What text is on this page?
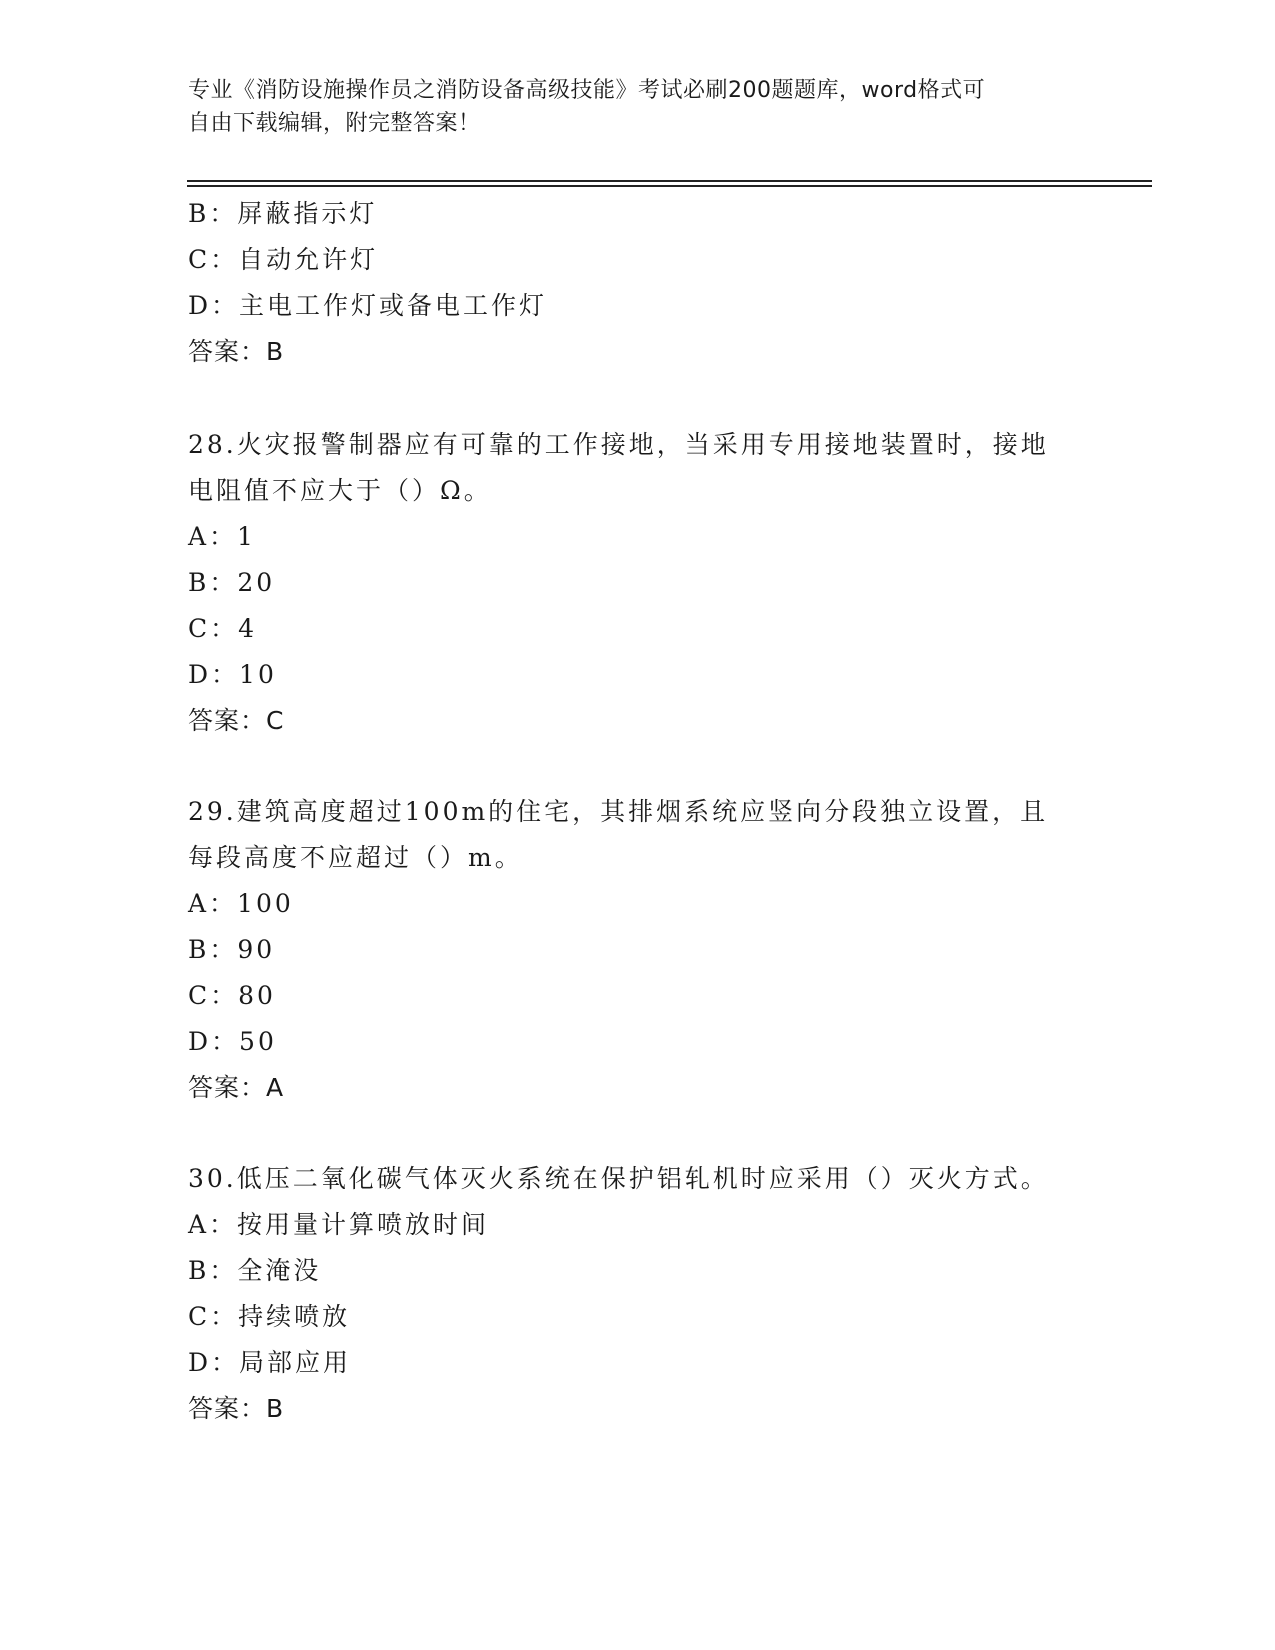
专业《消防设施操作员之消防设备高级技能》考试必刷200题题库，word格式可
自由下载编辑，附完整答案！
B：屏蔽指示灯
C：自动允许灯
D：主电工作灯或备电工作灯
答案：B
28.火灾报警制器应有可靠的工作接地，当采用专用接地装置时，接地
电阻值不应大于（）Ω。
A：1
B：20
C：4
D：10
答案：C
29.建筑高度超过100m的住宅，其排烟系统应竖向分段独立设置，且
每段高度不应超过（）m。
A：100
B：90
C：80
D：50
答案：A
30.低压二氧化碳气体灭火系统在保护铝轧机时应采用（）灭火方式。
A：按用量计算喷放时间
B：全淹没
C：持续喷放
D：局部应用
答案：B
